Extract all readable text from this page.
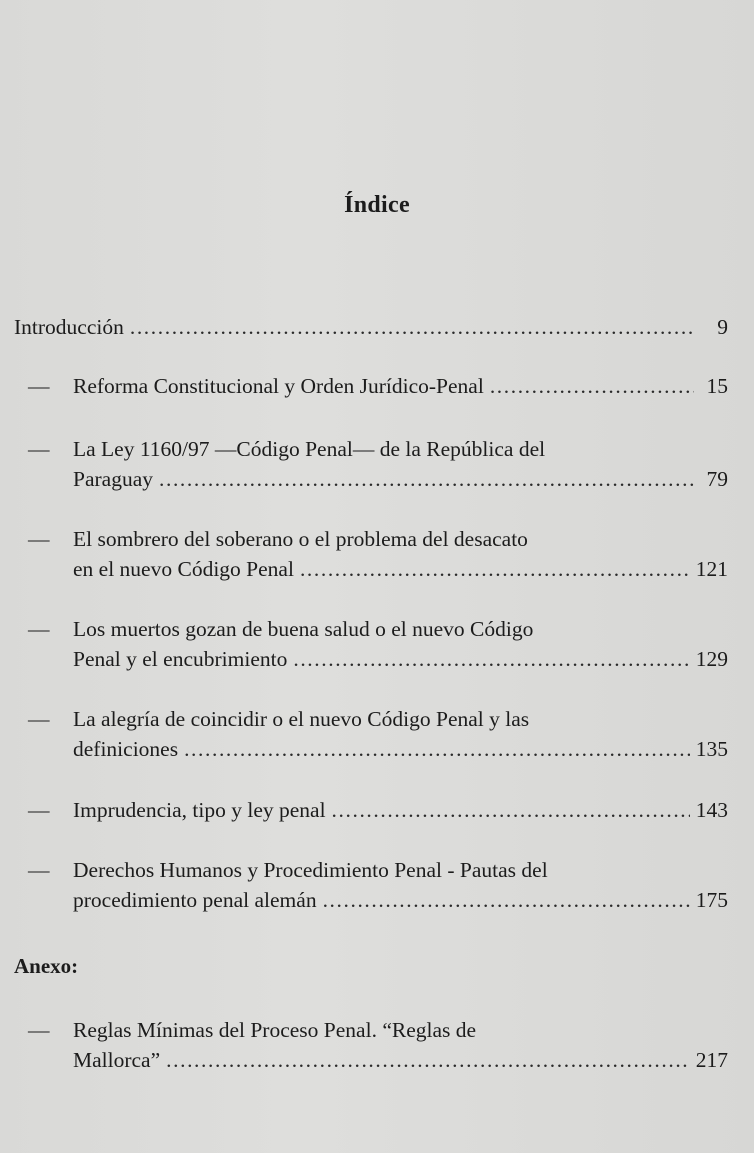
Índice
Introducción .....	9
— Reforma Constitucional y Orden Jurídico-Penal .....	15
— La Ley 1160/97 —Código Penal— de la República del
Paraguay .....	79
— El sombrero del soberano o el problema del desacato
en el nuevo Código Penal .....	121
— Los muertos gozan de buena salud o el nuevo Código
Penal y el encubrimiento .....	129
— La alegría de coincidir o el nuevo Código Penal y las
definiciones .....	135
— Imprudencia, tipo y ley penal .....	143
— Derechos Humanos y Procedimiento Penal - Pautas del
procedimiento penal alemán .....	175
Anexo:
— Reglas Mínimas del Proceso Penal. “Reglas de
Mallorca” .....	217
